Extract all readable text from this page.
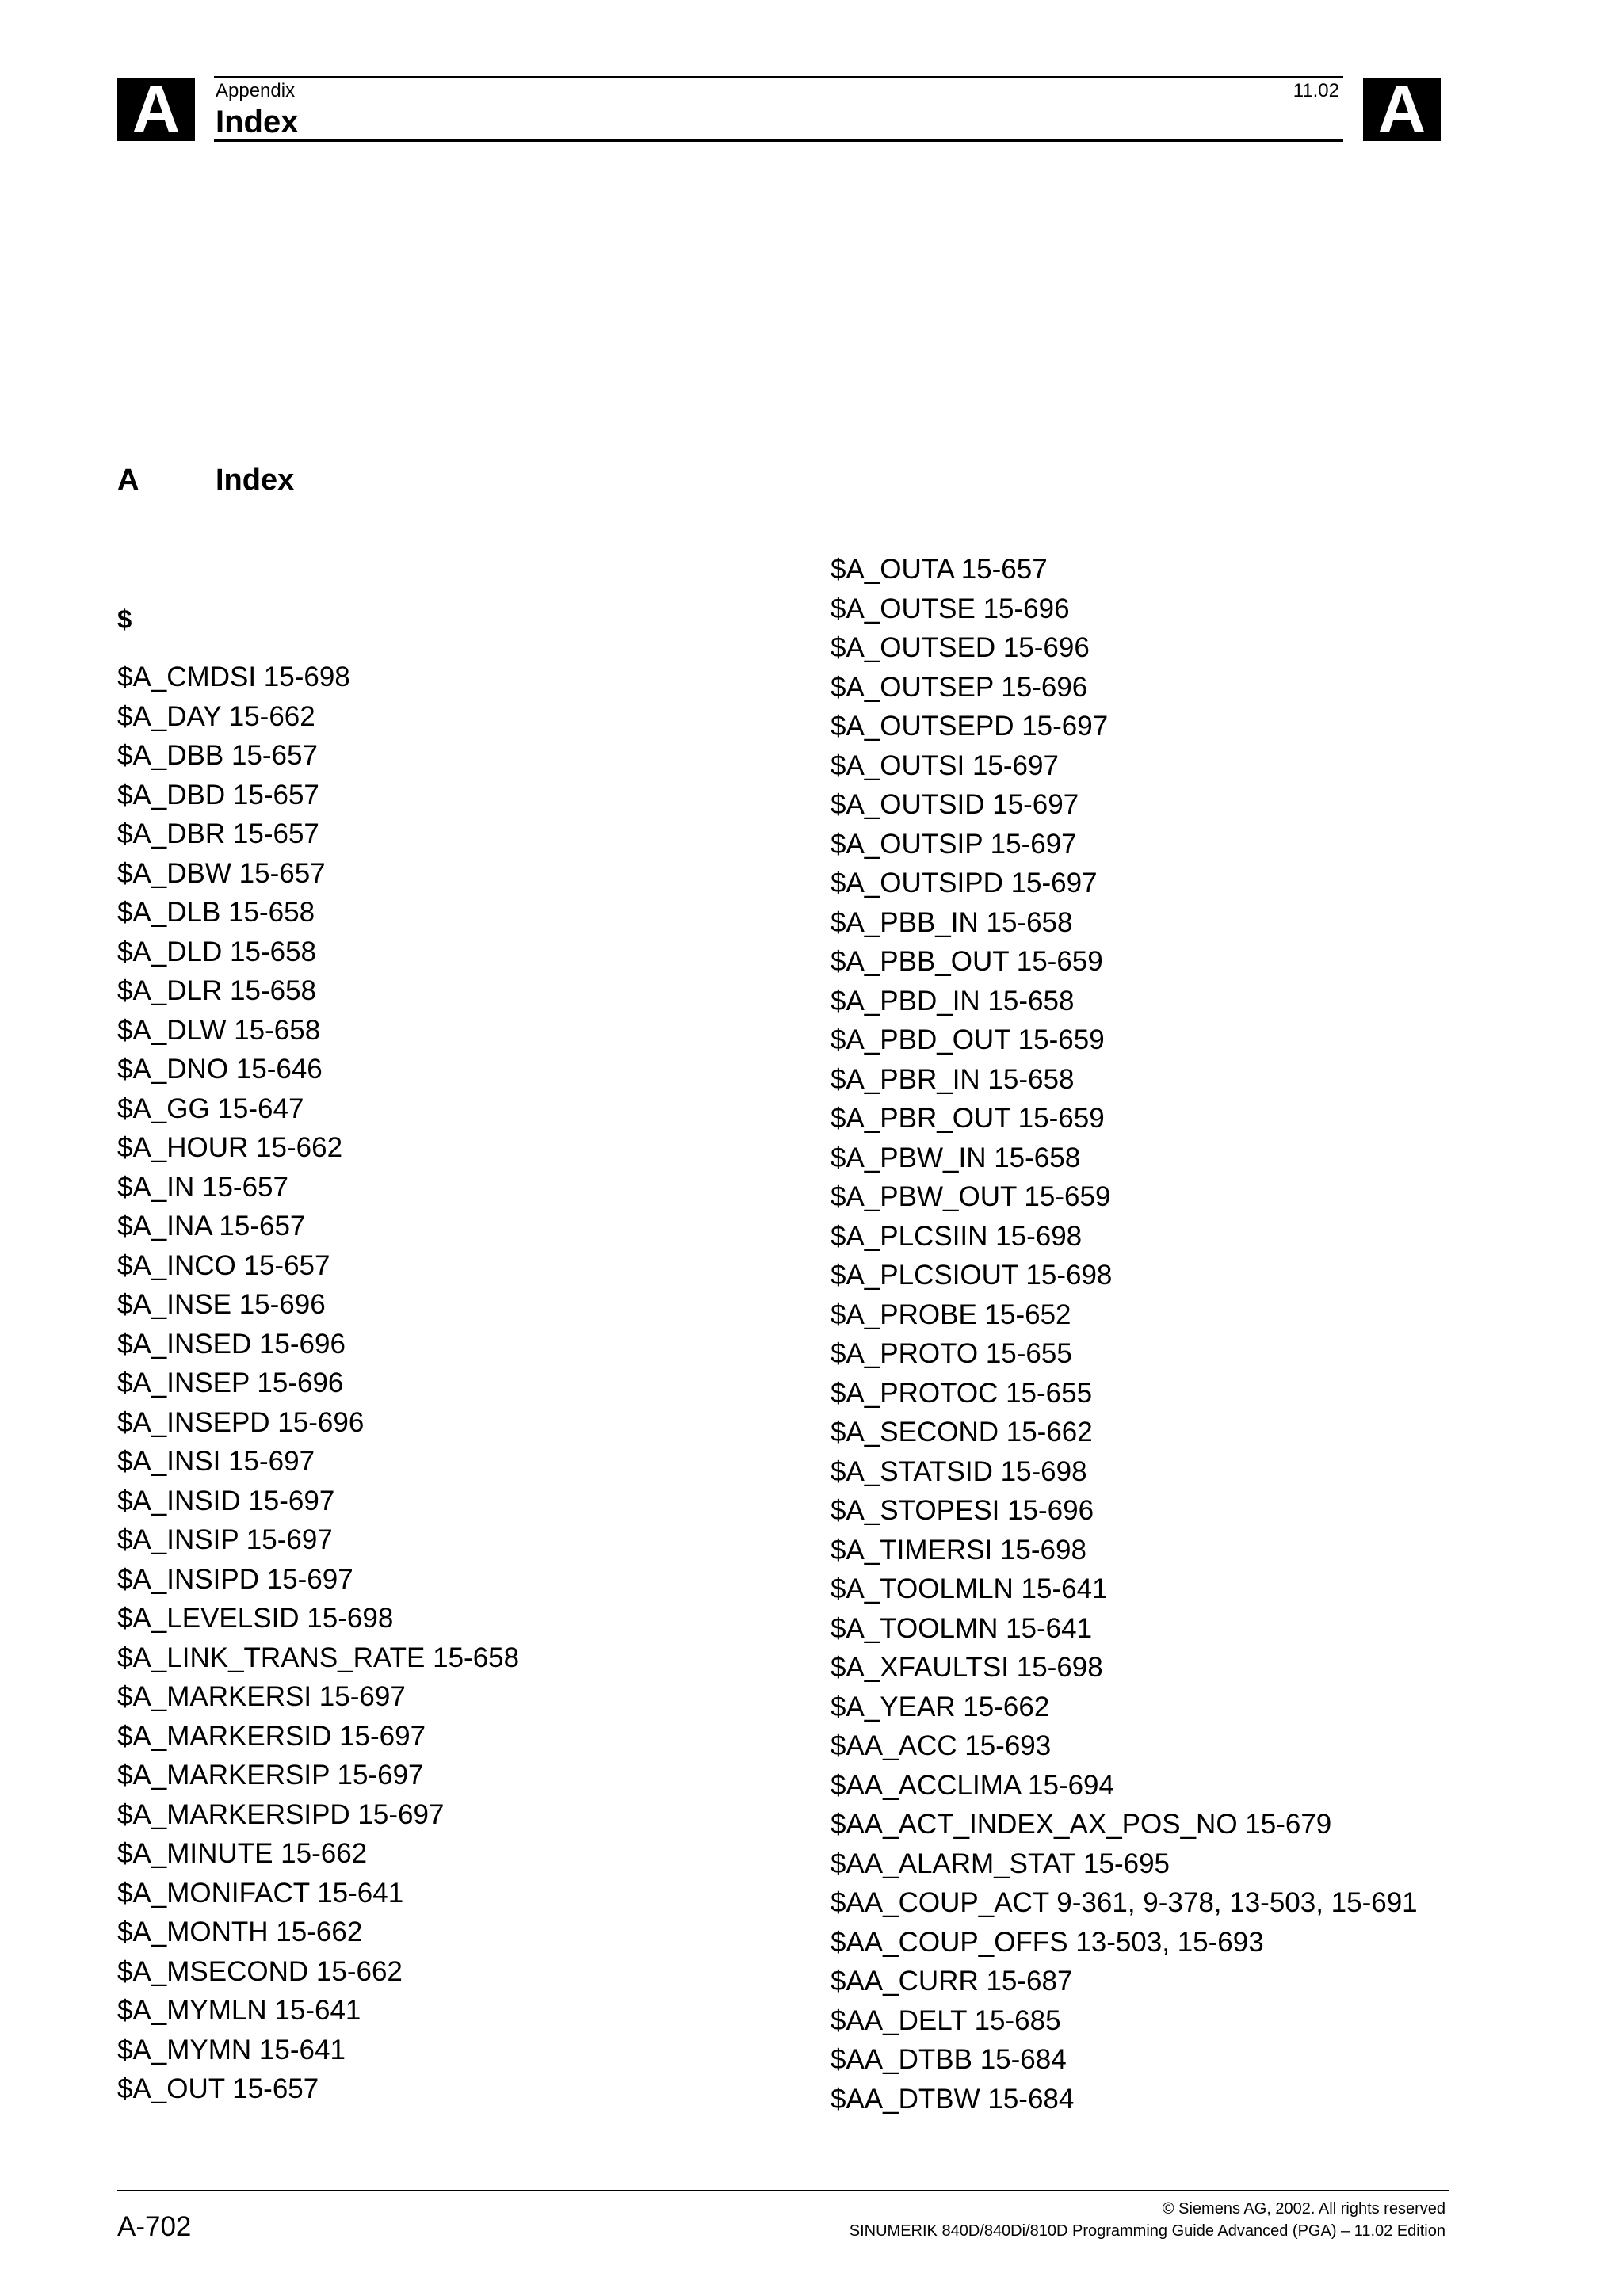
A	Appendix	11.02
Index	A
A	Index
$
$A_CMDSI 15-698
$A_DAY 15-662
$A_DBB 15-657
$A_DBD 15-657
$A_DBR 15-657
$A_DBW 15-657
$A_DLB 15-658
$A_DLD 15-658
$A_DLR 15-658
$A_DLW 15-658
$A_DNO 15-646
$A_GG 15-647
$A_HOUR 15-662
$A_IN 15-657
$A_INA 15-657
$A_INCO 15-657
$A_INSE 15-696
$A_INSED 15-696
$A_INSEP 15-696
$A_INSEPD 15-696
$A_INSI 15-697
$A_INSID 15-697
$A_INSIP 15-697
$A_INSIPD 15-697
$A_LEVELSID 15-698
$A_LINK_TRANS_RATE 15-658
$A_MARKERSI 15-697
$A_MARKERSID 15-697
$A_MARKERSIP 15-697
$A_MARKERSIPD 15-697
$A_MINUTE 15-662
$A_MONIFACT 15-641
$A_MONTH 15-662
$A_MSECOND 15-662
$A_MYMLN 15-641
$A_MYMN 15-641
$A_OUT 15-657
$A_OUTA 15-657
$A_OUTSE 15-696
$A_OUTSED 15-696
$A_OUTSEP 15-696
$A_OUTSEPD 15-697
$A_OUTSI 15-697
$A_OUTSID 15-697
$A_OUTSIP 15-697
$A_OUTSIPD 15-697
$A_PBB_IN 15-658
$A_PBB_OUT 15-659
$A_PBD_IN 15-658
$A_PBD_OUT 15-659
$A_PBR_IN 15-658
$A_PBR_OUT 15-659
$A_PBW_IN 15-658
$A_PBW_OUT 15-659
$A_PLCSIIN 15-698
$A_PLCSIOUT 15-698
$A_PROBE 15-652
$A_PROTO 15-655
$A_PROTOC 15-655
$A_SECOND 15-662
$A_STATSID 15-698
$A_STOPESI 15-696
$A_TIMERSI 15-698
$A_TOOLMLN 15-641
$A_TOOLMN 15-641
$A_XFAULTSI 15-698
$A_YEAR 15-662
$AA_ACC 15-693
$AA_ACCLIMA 15-694
$AA_ACT_INDEX_AX_POS_NO 15-679
$AA_ALARM_STAT 15-695
$AA_COUP_ACT 9-361, 9-378, 13-503, 15-691
$AA_COUP_OFFS 13-503, 15-693
$AA_CURR 15-687
$AA_DELT 15-685
$AA_DTBB 15-684
$AA_DTBW 15-684
A-702
© Siemens AG, 2002. All rights reserved
SINUMERIK 840D/840Di/810D Programming Guide Advanced (PGA) – 11.02 Edition
